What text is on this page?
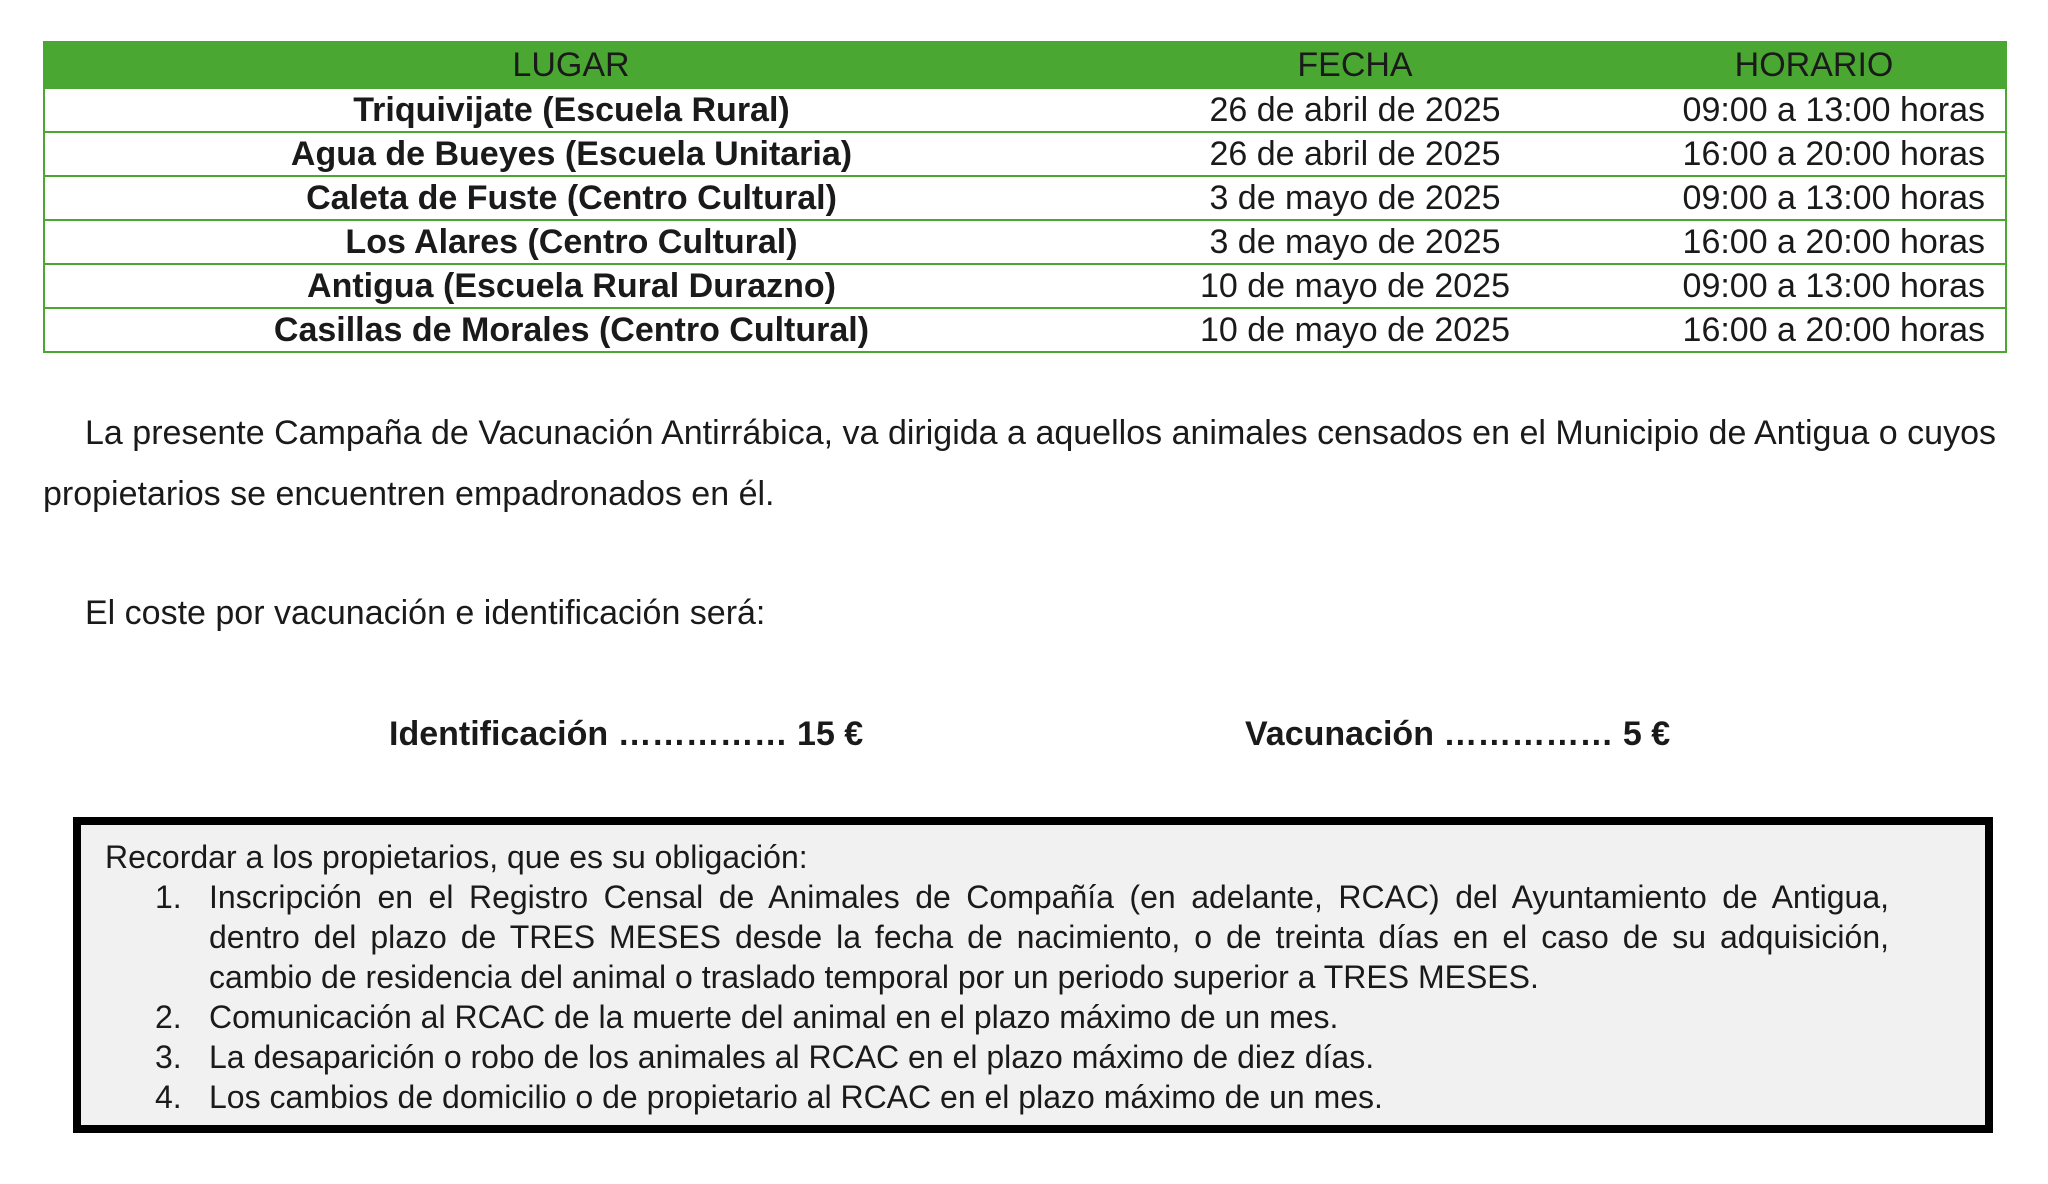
LUGAR	FECHA	HORARIO
Triquivijate (Escuela Rural)	26 de abril de 2025	09:00 a 13:00 horas
Agua de Bueyes (Escuela Unitaria)	26 de abril de 2025	16:00 a 20:00 horas
Caleta de Fuste (Centro Cultural)	3 de mayo de 2025	09:00 a 13:00 horas
Los Alares (Centro Cultural)	3 de mayo de 2025	16:00 a 20:00 horas
Antigua (Escuela Rural Durazno)	10 de mayo de 2025	09:00 a 13:00 horas
Casillas de Morales (Centro Cultural)	10 de mayo de 2025	16:00 a 20:00 horas

La presente Campaña de Vacunación Antirrábica, va dirigida a aquellos animales censados en el Municipio de Antigua o cuyos propietarios se encuentren empadronados en él.

El coste por vacunación e identificación será:

Identificación …………… 15 €	Vacunación …………… 5 €

Recordar a los propietarios, que es su obligación:

1. Inscripción en el Registro Censal de Animales de Compañía (en adelante, RCAC) del Ayuntamiento de Antigua, dentro del plazo de TRES MESES desde la fecha de nacimiento, o de treinta días en el caso de su adquisición, cambio de residencia del animal o traslado temporal por un periodo superior a TRES MESES.
2. Comunicación al RCAC de la muerte del animal en el plazo máximo de un mes.
3. La desaparición o robo de los animales al RCAC en el plazo máximo de diez días.
4. Los cambios de domicilio o de propietario al RCAC en el plazo máximo de un mes.
